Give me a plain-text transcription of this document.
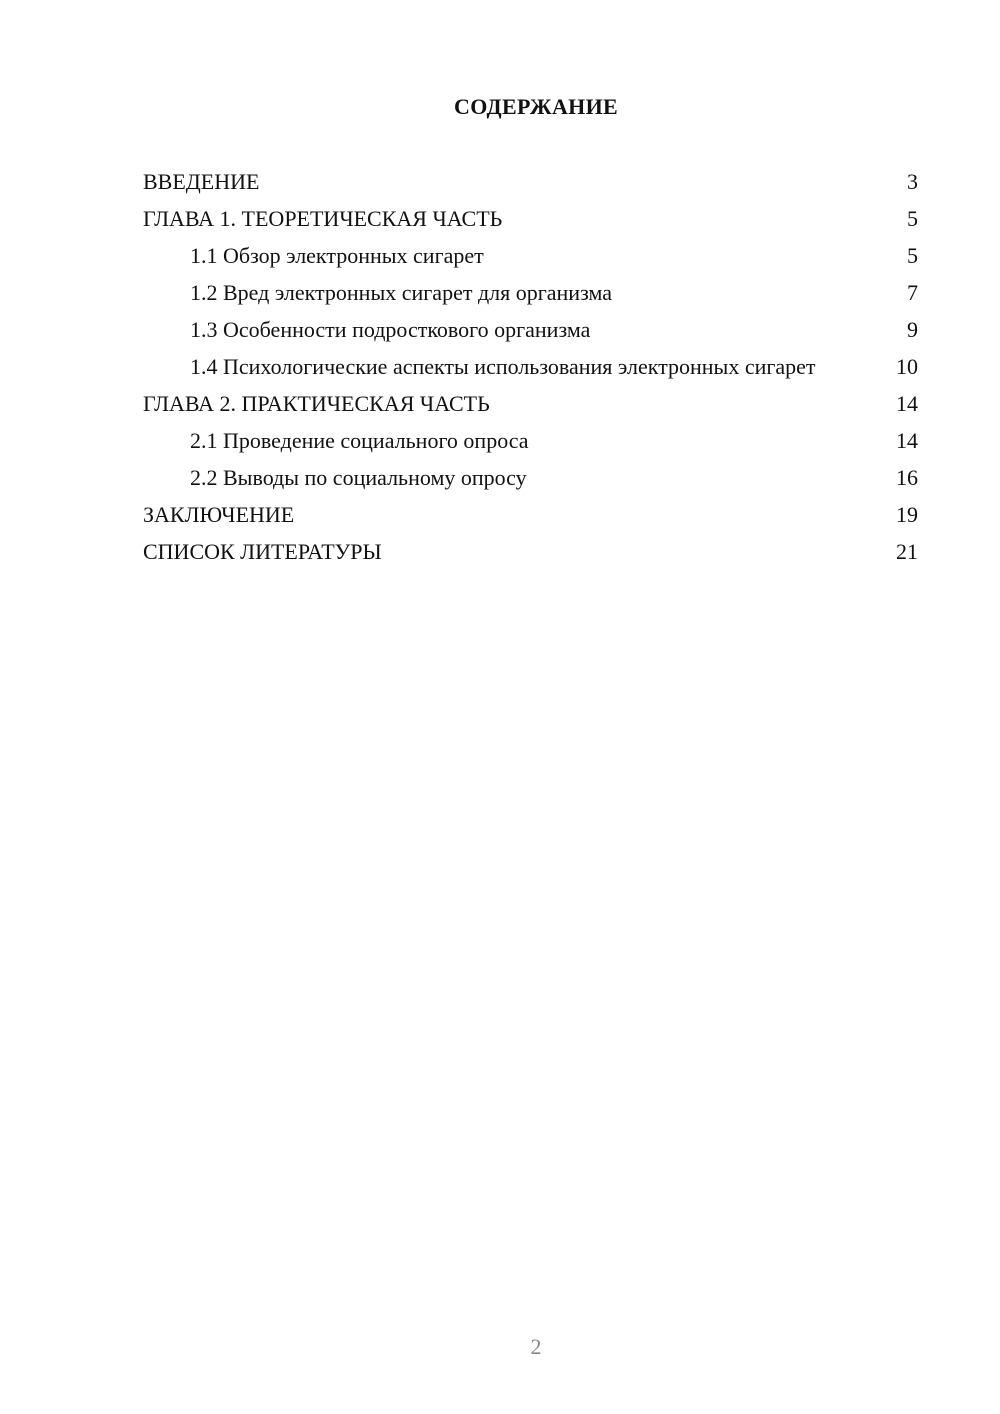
СОДЕРЖАНИЕ
ВВЕДЕНИЕ	3
ГЛАВА 1. ТЕОРЕТИЧЕСКАЯ ЧАСТЬ	5
1.1 Обзор электронных сигарет	5
1.2 Вред электронных сигарет для организма	7
1.3 Особенности подросткового организма	9
1.4 Психологические аспекты использования электронных сигарет	10
ГЛАВА 2. ПРАКТИЧЕСКАЯ ЧАСТЬ	14
2.1 Проведение социального опроса	14
2.2 Выводы по социальному опросу	16
ЗАКЛЮЧЕНИЕ	19
СПИСОК ЛИТЕРАТУРЫ	21
2
